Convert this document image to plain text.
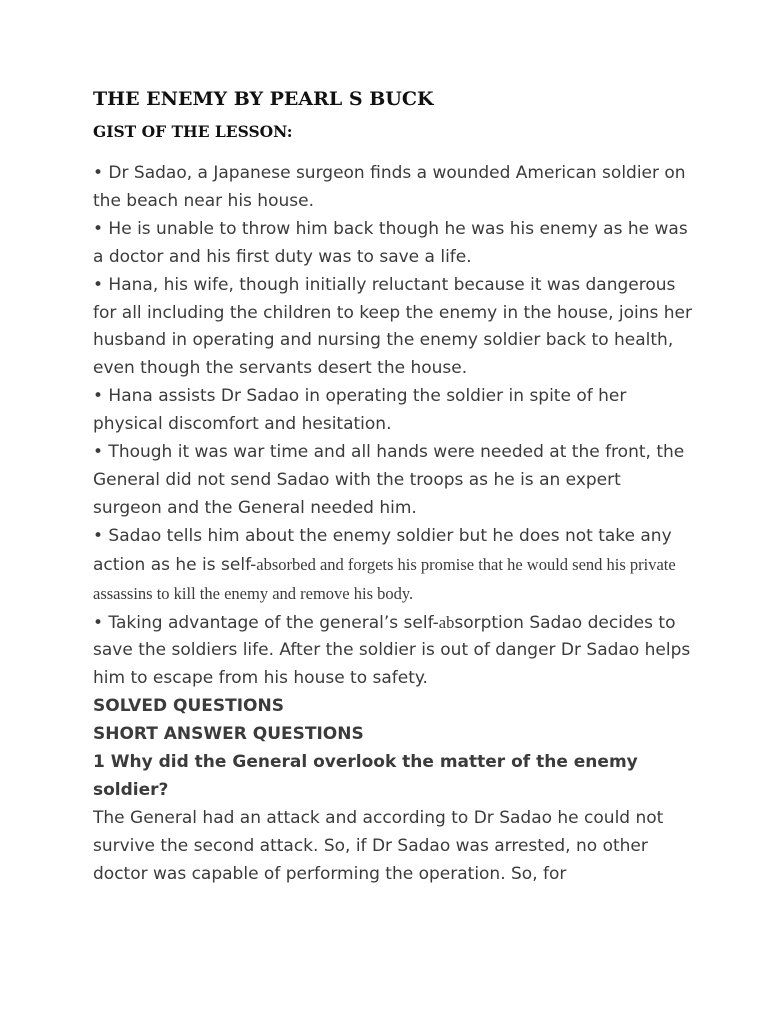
THE ENEMY BY PEARL S BUCK
GIST OF THE LESSON:
• Dr Sadao, a Japanese surgeon finds a wounded American soldier on the beach near his house.
• He is unable to throw him back though he was his enemy as he was a doctor and his first duty was to save a life.
• Hana, his wife, though initially reluctant because it was dangerous for all including the children to keep the enemy in the house, joins her husband in operating and nursing the enemy soldier back to health, even though the servants desert the house.
• Hana assists Dr Sadao in operating the soldier in spite of her physical discomfort and hesitation.
• Though it was war time and all hands were needed at the front, the General did not send Sadao with the troops as he is an expert surgeon and the General needed him.
• Sadao tells him about the enemy soldier but he does not take any action as he is self-absorbed and forgets his promise that he would send his private assassins to kill the enemy and remove his body.
• Taking advantage of the general’s self-absorption Sadao decides to save the soldiers life. After the soldier is out of danger Dr Sadao helps him to escape from his house to safety.

SOLVED QUESTIONS

SHORT ANSWER QUESTIONS

1 Why did the General overlook the matter of the enemy soldier?

The General had an attack and according to Dr Sadao he could not survive the second attack. So, if Dr Sadao was arrested, no other doctor was capable of performing the operation. So, for
